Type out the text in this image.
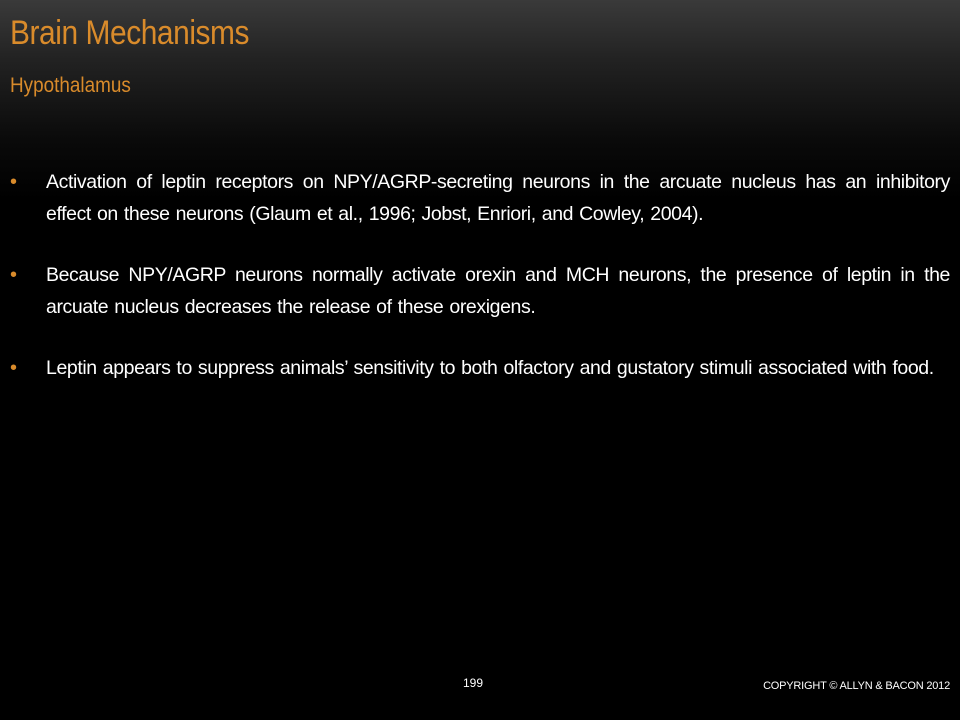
Brain Mechanisms
Hypothalamus
• Activation of leptin receptors on NPY/AGRP-secreting neurons in the arcuate nucleus has an inhibitory effect on these neurons (Glaum et al., 1996; Jobst, Enriori, and Cowley, 2004).
• Because NPY/AGRP neurons normally activate orexin and MCH neurons, the presence of leptin in the arcuate nucleus decreases the release of these orexigens.
• Leptin appears to suppress animals’ sensitivity to both olfactory and gustatory stimuli associated with food.
199	COPYRIGHT © ALLYN & BACON 2012
